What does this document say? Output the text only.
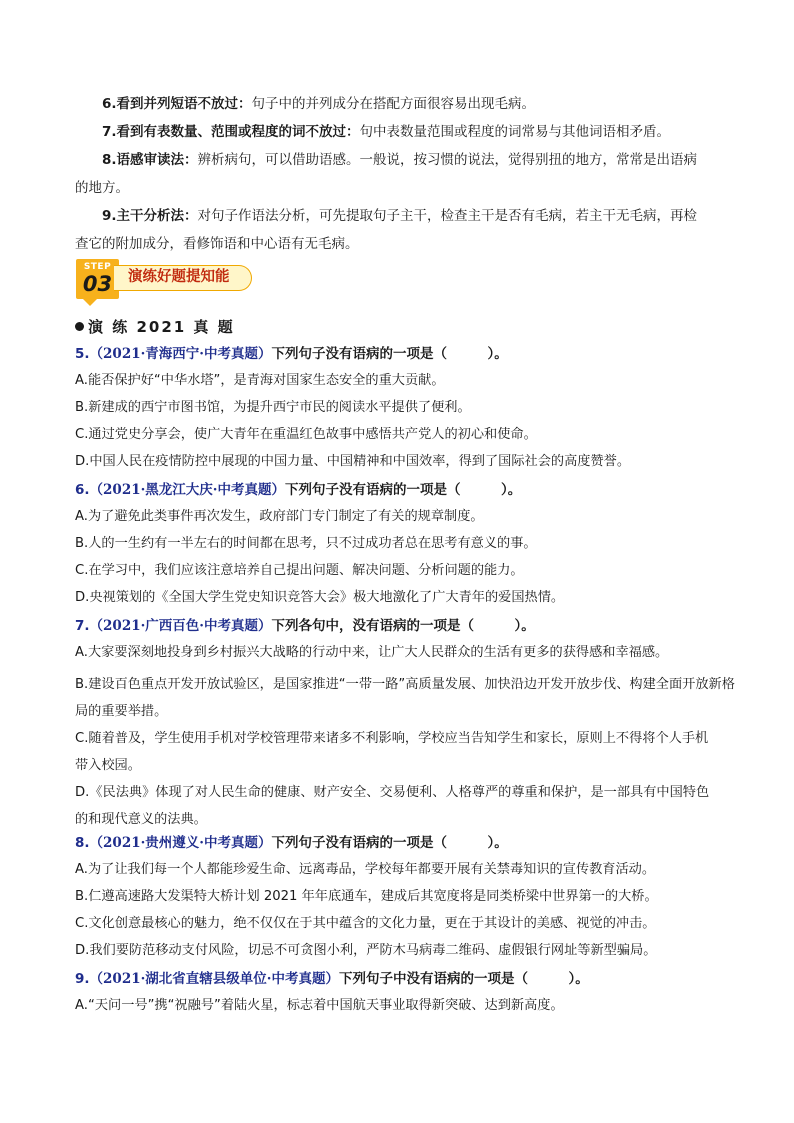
6.看到并列短语不放过：句子中的并列成分在搭配方面很容易出现毛病。
7.看到有表数量、范围或程度的词不放过：句中表数量范围或程度的词常易与其他词语相矛盾。
8.语感审读法：辨析病句，可以借助语感。一般说，按习惯的说法，觉得别扭的地方，常常是出语病
的地方。
9.主干分析法：对句子作语法分析，可先提取句子主干，检查主干是否有毛病，若主干无毛病，再检
查它的附加成分，看修饰语和中心语有无毛病。
STEP
03	演练好题提知能
演 练 2021 真 题
5.（2021·青海西宁·中考真题）下列句子没有语病的一项是（　　　）。
A.能否保护好“中华水塔”，是青海对国家生态安全的重大贡献。
B.新建成的西宁市图书馆，为提升西宁市民的阅读水平提供了便利。
C.通过党史分享会，使广大青年在重温红色故事中感悟共产党人的初心和使命。
D.中国人民在疫情防控中展现的中国力量、中国精神和中国效率，得到了国际社会的高度赞誉。
6.（2021·黑龙江大庆·中考真题）下列句子没有语病的一项是（　　　）。
A.为了避免此类事件再次发生，政府部门专门制定了有关的规章制度。
B.人的一生约有一半左右的时间都在思考，只不过成功者总在思考有意义的事。
C.在学习中，我们应该注意培养自己提出问题、解决问题、分析问题的能力。
D.央视策划的《全国大学生党史知识竞答大会》极大地激化了广大青年的爱国热情。
7.（2021·广西百色·中考真题）下列各句中，没有语病的一项是（　　　）。
A.大家要深刻地投身到乡村振兴大战略的行动中来，让广大人民群众的生活有更多的获得感和幸福感。
B.建设百色重点开发开放试验区，是国家推进“一带一路”高质量发展、加快沿边开发开放步伐、构建全面开放新格局的重要举措。
C.随着普及，学生使用手机对学校管理带来诸多不利影响，学校应当告知学生和家长，原则上不得将个人手机带入校园。
D.《民法典》体现了对人民生命的健康、财产安全、交易便利、人格尊严的尊重和保护，是一部具有中国特色的和现代意义的法典。
8.（2021·贵州遵义·中考真题）下列句子没有语病的一项是（　　　）。
A.为了让我们每一个人都能珍爱生命、远离毒品，学校每年都要开展有关禁毒知识的宣传教育活动。
B.仁遵高速路大发渠特大桥计划 2021 年年底通车，建成后其宽度将是同类桥梁中世界第一的大桥。
C.文化创意最核心的魅力，绝不仅仅在于其中蕴含的文化力量，更在于其设计的美感、视觉的冲击。
D.我们要防范移动支付风险，切忌不可贪图小利，严防木马病毒二维码、虚假银行网址等新型骗局。
9.（2021·湖北省直辖县级单位·中考真题）下列句子中没有语病的一项是（　　　）。
A.“天问一号”携“祝融号”着陆火星，标志着中国航天事业取得新突破、达到新高度。
